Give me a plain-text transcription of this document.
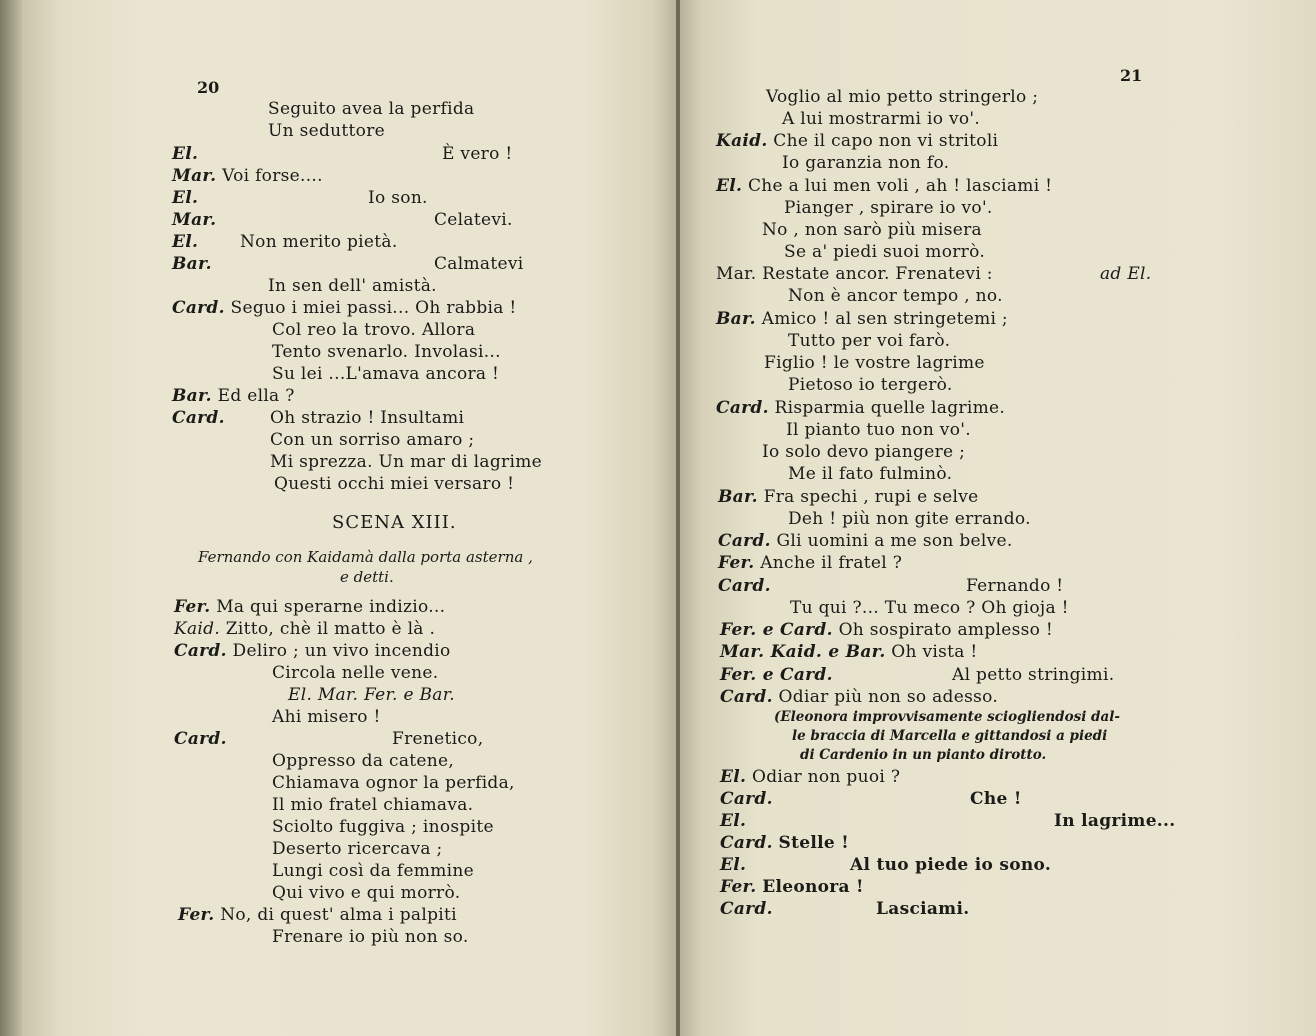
20
Seguito avea la perfida
Un seduttore
El.	È vero !
Mar. Voi forse....
El.	Io son.
Mar.	Celatevi.
El. Non merito pietà.
Bar.	Calmatevi
In sen dell' amistà.
Card. Seguo i miei passi... Oh rabbia !
Col reo la trovo. Allora
Tento svenarlo. Involasi...
Su lei ...L'amava ancora !
Bar. Ed ella ?
Card.	Oh strazio ! Insultami
Con un sorriso amaro ;
Mi sprezza. Un mar di lagrime
Questi occhi miei versaro !
SCENA XIII.
Fernando con Kaidamà dalla porta asterna ,
e detti.
Fer. Ma qui sperarne indizio...
Kaid. Zitto, chè il matto è là .
Card. Deliro ; un vivo incendio
Circola nelle vene.
El. Mar. Fer. e Bar.
Ahi misero !
Card.	Frenetico,
Oppresso da catene,
Chiamava ognor la perfida,
Il mio fratel chiamava.
Sciolto fuggiva ; inospite
Deserto ricercava ;
Lungi così da femmine
Qui vivo e qui morrò.
Fer. No, di quest' alma i palpiti
Frenare io più non so.
21
Voglio al mio petto stringerlo ;
A lui mostrarmi io vo'.
Kaid. Che il capo non vi stritoli
Io garanzia non fo.
El. Che a lui men voli , ah ! lasciami !
Pianger , spirare io vo'.
No , non sarò più misera
Se a' piedi suoi morrò.
Mar. Restate ancor. Frenatevi :	ad El.
Non è ancor tempo , no.
Bar. Amico ! al sen stringetemi ;
Tutto per voi farò.
Figlio ! le vostre lagrime
Pietoso io tergerò.
Card. Risparmia quelle lagrime.
Il pianto tuo non vo'.
Io solo devo piangere ;
Me il fato fulminò.
Bar. Fra spechi , rupi e selve
Deh ! più non gite errando.
Card. Gli uomini a me son belve.
Fer. Anche il fratel ?
Card.	Fernando !
Tu qui ?... Tu meco ? Oh gioja !
Fer. e Card. Oh sospirato amplesso !
Mar. Kaid. e Bar. Oh vista !
Fer. e Card.	Al petto stringimi.
Card. Odiar più non so adesso.
(Eleonora improvvisamente sciogliendosi dal-
le braccia di Marcella e gittandosi a piedi
di Cardenio in un pianto dirotto.
El. Odiar non puoi ?
Card.	Che !
El.	In lagrime...
Card. Stelle !
El.	Al tuo piede io sono.
Fer. Eleonora !
Card.	Lasciami.
